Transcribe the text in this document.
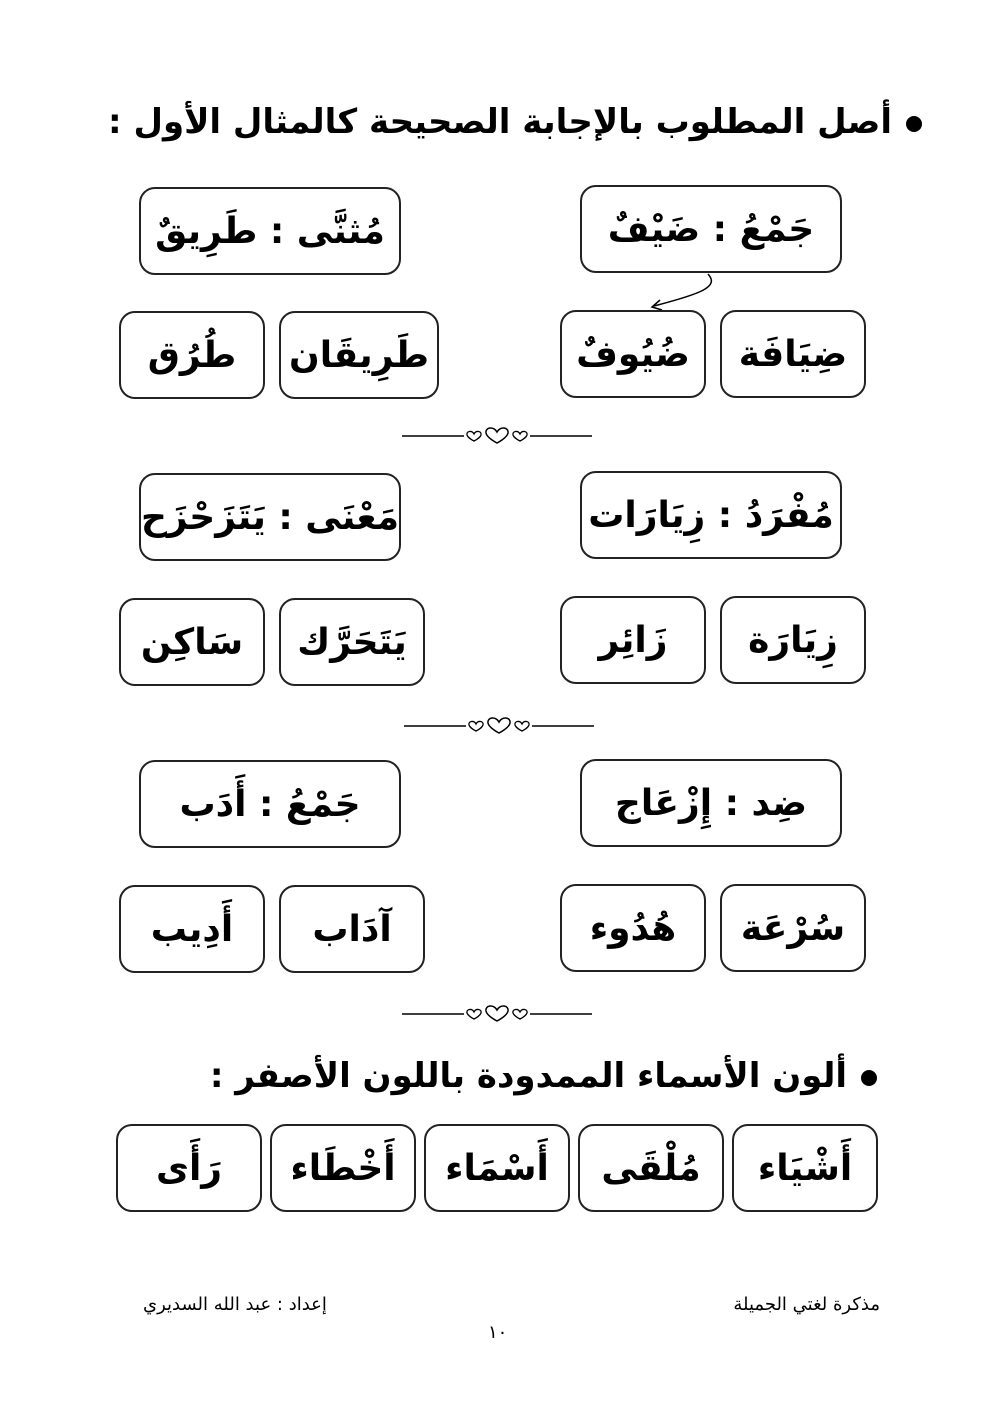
أصل المطلوب بالإجابة الصحيحة كالمثال الأول :
جَمْعُ : ضَيْفٌ
مُثنَّى : طَرِيقٌ
ضِيَافَة
ضُيُوفٌ
طَرِيقَان
طُرُق
مُفْرَدُ : زِيَارَات
مَعْنَى : يَتَزَحْزَح
زِيَارَة
زَائِر
يَتَحَرَّك
سَاكِن
ضِد : إِزْعَاج
جَمْعُ : أَدَب
سُرْعَة
هُدُوء
آدَاب
أَدِيب
ألون الأسماء الممدودة باللون الأصفر :
أَشْيَاء
مُلْقَى
أَسْمَاء
أَخْطَاء
رَأَى
مذكرة لغتي الجميلة
إعداد : عبد الله السديري
١٠
